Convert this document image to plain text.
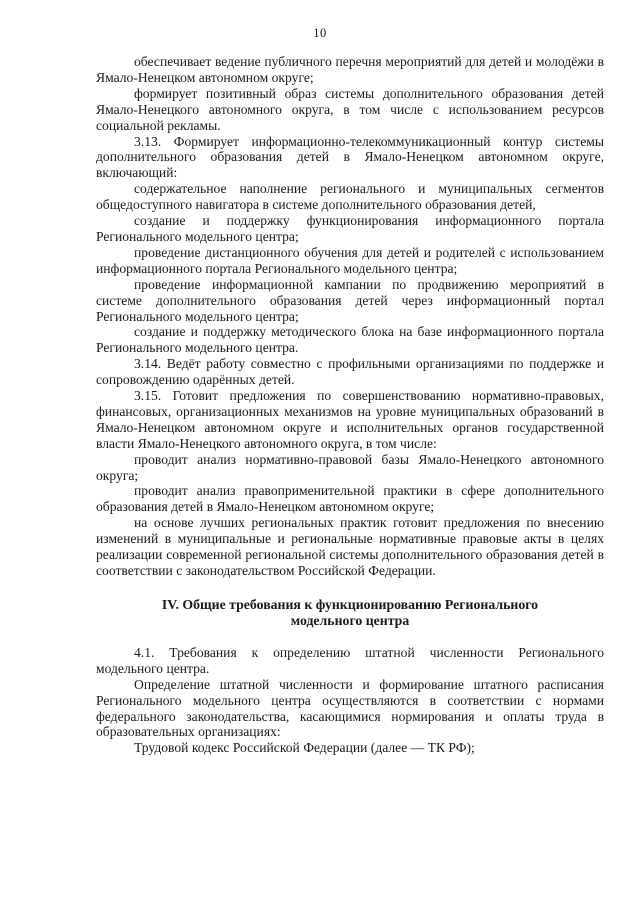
10

обеспечивает ведение публичного перечня мероприятий для детей и молодёжи в Ямало-Ненецком автономном округе;

формирует позитивный образ системы дополнительного образования детей Ямало-Ненецкого автономного округа, в том числе с использованием ресурсов социальной рекламы.

3.13. Формирует информационно-телекоммуникационный контур системы дополнительного образования детей в Ямало-Ненецком автономном округе, включающий:

содержательное наполнение регионального и муниципальных сегментов общедоступного навигатора в системе дополнительного образования детей,

создание и поддержку функционирования информационного портала Регионального модельного центра;

проведение дистанционного обучения для детей и родителей с использованием информационного портала Регионального модельного центра;

проведение информационной кампании по продвижению мероприятий в системе дополнительного образования детей через информационный портал Регионального модельного центра;

создание и поддержку методического блока на базе информационного портала Регионального модельного центра.

3.14. Ведёт работу совместно с профильными организациями по поддержке и сопровождению одарённых детей.

3.15. Готовит предложения по совершенствованию нормативно-правовых, финансовых, организационных механизмов на уровне муниципальных образований в Ямало-Ненецком автономном округе и исполнительных органов государственной власти Ямало-Ненецкого автономного округа, в том числе:

проводит анализ нормативно-правовой базы Ямало-Ненецкого автономного округа;

проводит анализ правоприменительной практики в сфере дополнительного образования детей в Ямало-Ненецком автономном округе;

на основе лучших региональных практик готовит предложения по внесению изменений в муниципальные и региональные нормативные правовые акты в целях реализации современной региональной системы дополнительного образования детей в соответствии с законодательством Российской Федерации.

IV. Общие требования к функционированию Регионального модельного центра

4.1. Требования к определению штатной численности Регионального модельного центра.

Определение штатной численности и формирование штатного расписания Регионального модельного центра осуществляются в соответствии с нормами федерального законодательства, касающимися нормирования и оплаты труда в образовательных организациях:

Трудовой кодекс Российской Федерации (далее — ТК РФ);
